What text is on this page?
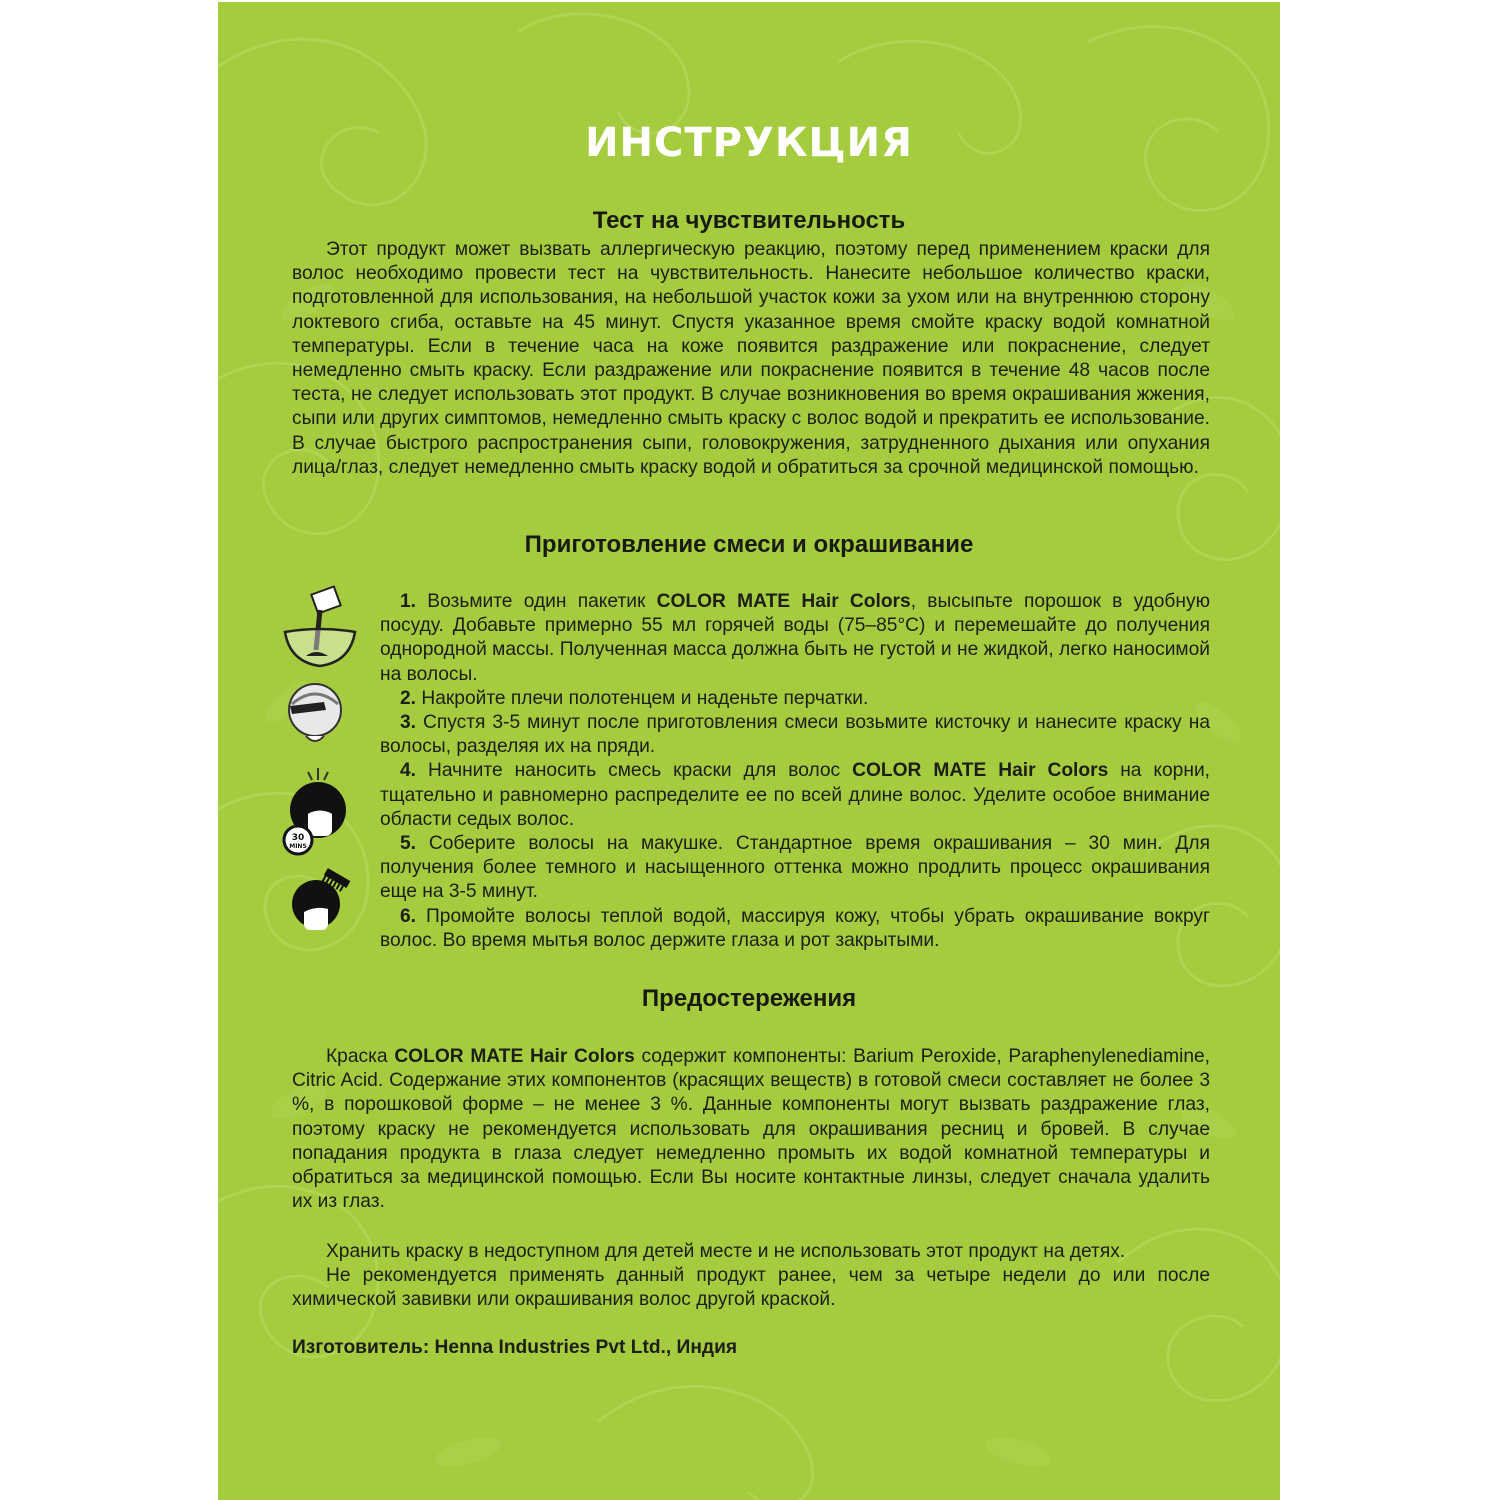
ИНСТРУКЦИЯ
Тест на чувствительность

Этот продукт может вызвать аллергическую реакцию, поэтому перед применением краски для волос необходимо провести тест на чувствительность. Нанесите небольшое количество краски, подготовленной для использования, на небольшой участок кожи за ухом или на внутреннюю сторону локтевого сгиба, оставьте на 45 минут. Спустя указанное время смойте краску водой комнатной температуры. Если в течение часа на коже появится раздражение или покраснение, следует немедленно смыть краску. Если раздражение или покраснение появится в течение 48 часов после теста, не следует использовать этот продукт. В случае возникновения во время окрашивания жжения, сыпи или других симптомов, немедленно смыть краску с волос водой и прекратить ее использование. В случае быстрого распространения сыпи, головокружения, затрудненного дыхания или опухания лица/глаз, следует немедленно смыть краску водой и обратиться за срочной медицинской помощью.

Приготовление смеси и окрашивание

1. Возьмите один пакетик COLOR MATE Hair Colors, высыпьте порошок в удобную посуду. Добавьте примерно 55 мл горячей воды (75–85°С) и перемешайте до получения однородной массы. Полученная масса должна быть не густой и не жидкой, легко наносимой на волосы.

2. Накройте плечи полотенцем и наденьте перчатки.

3. Спустя 3-5 минут после приготовления смеси возьмите кисточку и нанесите краску на волосы, разделяя их на пряди.

4. Начните наносить смесь краски для волос COLOR MATE Hair Colors на корни, тщательно и равномерно распределите ее по всей длине волос. Уделите особое внимание области седых волос.

5. Соберите волосы на макушке. Стандартное время окрашивания – 30 мин. Для получения более темного и насыщенного оттенка можно продлить процесс окрашивания еще на 3-5 минут.

6. Промойте волосы теплой водой, массируя кожу, чтобы убрать окрашивание вокруг волос. Во время мытья волос держите глаза и рот закрытыми.

30
MINS
Предостережения

Краска COLOR MATE Hair Colors содержит компоненты: Barium Peroxide, Paraphenylenediamine, Citric Acid. Содержание этих компонентов (красящих веществ) в готовой смеси составляет не более 3 %, в порошковой форме – не менее 3 %. Данные компоненты могут вызвать раздражение глаз, поэтому краску не рекомендуется использовать для окрашивания ресниц и бровей. В случае попадания продукта в глаза следует немедленно промыть их водой комнатной температуры и обратиться за медицинской помощью. Если Вы носите контактные линзы, следует сначала удалить их из глаз.

Хранить краску в недоступном для детей месте и не использовать этот продукт на детях.

Не рекомендуется применять данный продукт ранее, чем за четыре недели до или после химической завивки или окрашивания волос другой краской.

Изготовитель: Henna Industries Pvt Ltd., Индия
